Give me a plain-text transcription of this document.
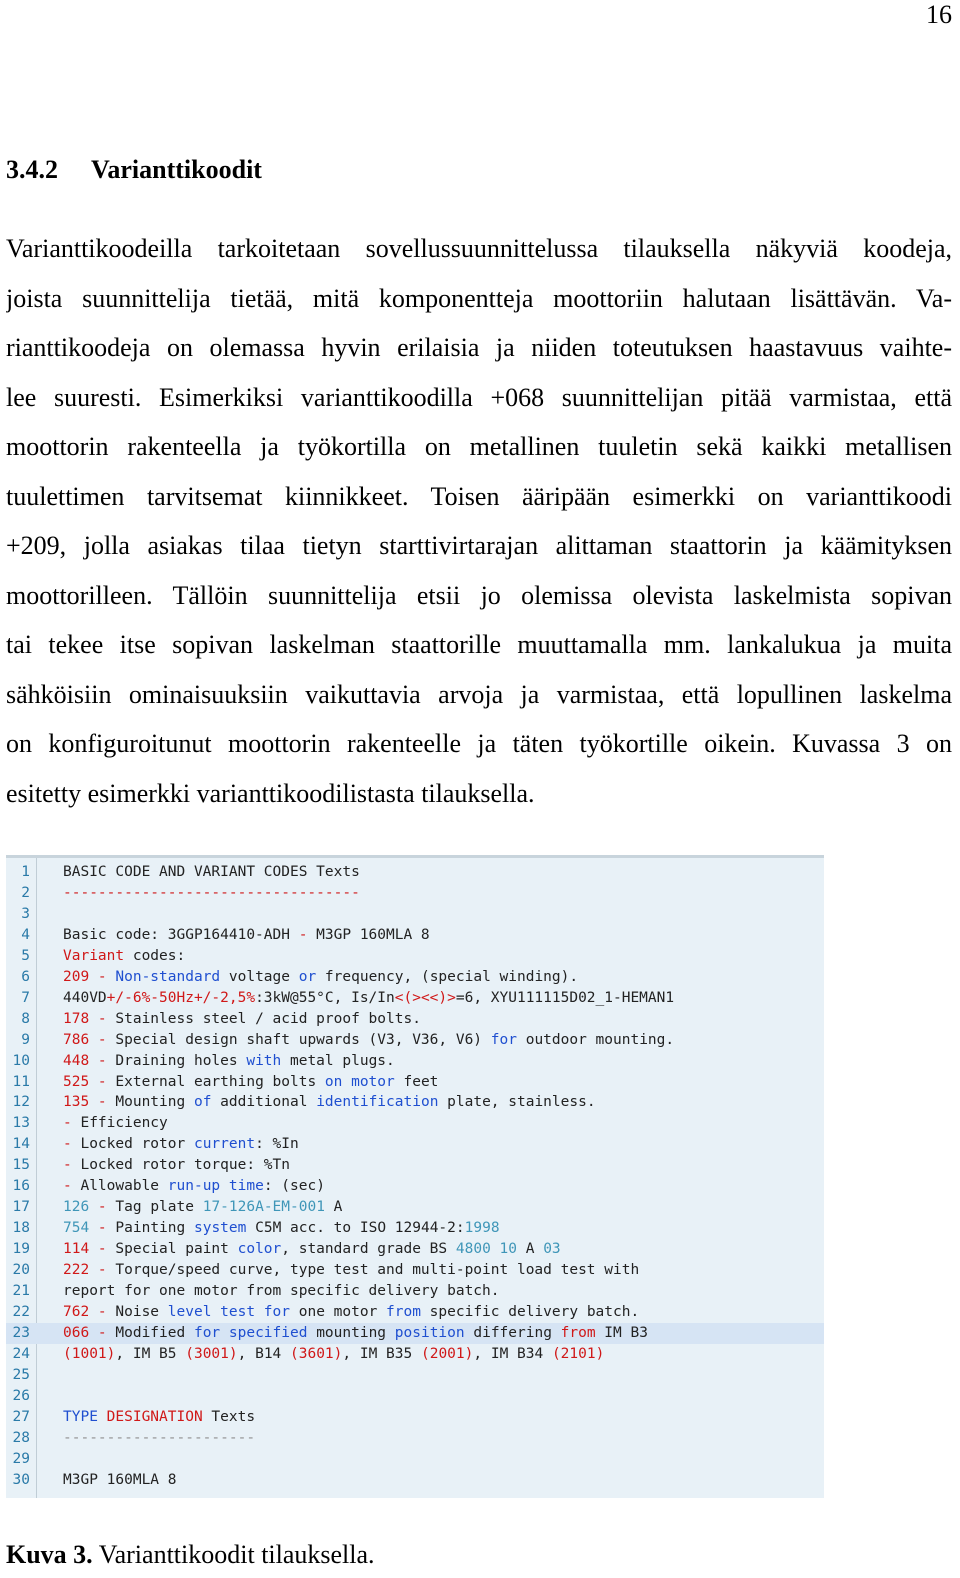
16
3.4.2 Varianttikoodit
Varianttikoodeilla tarkoitetaan sovellussuunnittelussa tilauksella näkyviä koodeja,
joista suunnittelija tietää, mitä komponentteja moottoriin halutaan lisättävän. Va-
rianttikoodeja on olemassa hyvin erilaisia ja niiden toteutuksen haastavuus vaihte-
lee suuresti. Esimerkiksi varianttikoodilla +068 suunnittelijan pitää varmistaa, että
moottorin rakenteella ja työkortilla on metallinen tuuletin sekä kaikki metallisen
tuulettimen tarvitsemat kiinnikkeet. Toisen ääripään esimerkki on varianttikoodi
+209, jolla asiakas tilaa tietyn starttivirtarajan alittaman staattorin ja käämityksen
moottorilleen. Tällöin suunnittelija etsii jo olemissa olevista laskelmista sopivan
tai tekee itse sopivan laskelman staattorille muuttamalla mm. lankalukua ja muita
sähköisiin ominaisuuksiin vaikuttavia arvoja ja varmistaa, että lopullinen laskelma
on konfiguroitunut moottorin rakenteelle ja täten työkortille oikein. Kuvassa 3 on
esitetty esimerkki varianttikoodilistasta tilauksella.
1 BASIC CODE AND VARIANT CODES Texts
2 ----------------------------------
3
4 Basic code: 3GGP164410-ADH - M3GP 160MLA 8
5 Variant codes:
6 209 - Non-standard voltage or frequency, (special winding).
7 440VD+/-6%-50Hz+/-2,5%:3kW@55°C, Is/In<(><<)>=6, XYU111115D02_1-HEMAN1
8 178 - Stainless steel / acid proof bolts.
9 786 - Special design shaft upwards (V3, V36, V6) for outdoor mounting.
10 448 - Draining holes with metal plugs.
11 525 - External earthing bolts on motor feet
12 135 - Mounting of additional identification plate, stainless.
13 - Efficiency
14 - Locked rotor current: %In
15 - Locked rotor torque: %Tn
16 - Allowable run-up time: (sec)
17 126 - Tag plate 17-126A-EM-001 A
18 754 - Painting system C5M acc. to ISO 12944-2:1998
19 114 - Special paint color, standard grade BS 4800 10 A 03
20 222 - Torque/speed curve, type test and multi-point load test with
21 report for one motor from specific delivery batch.
22 762 - Noise level test for one motor from specific delivery batch.
23 066 - Modified for specified mounting position differing from IM B3
24 (1001), IM B5 (3001), B14 (3601), IM B35 (2001), IM B34 (2101)
25
26
27 TYPE DESIGNATION Texts
28 ----------------------
29
30 M3GP 160MLA 8
Kuva 3. Varianttikoodit tilauksella.
